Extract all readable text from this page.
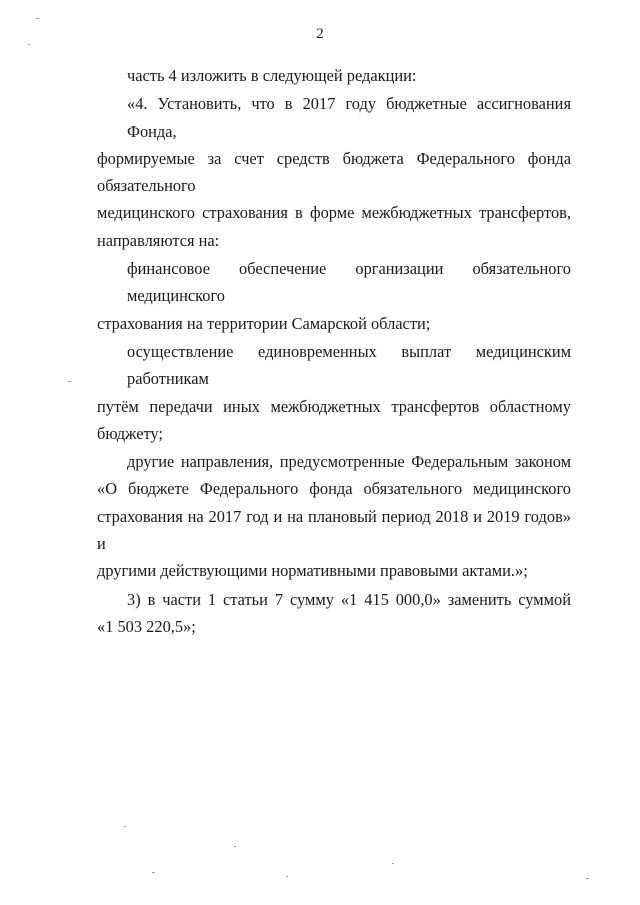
2

часть 4 изложить в следующей редакции:

«4. Установить, что в 2017 году бюджетные ассигнования Фонда,
формируемые за счет средств бюджета Федерального фонда обязательного
медицинского страхования в форме межбюджетных трансфертов,
направляются на:

финансовое обеспечение организации обязательного медицинского
страхования на территории Самарской области;

осуществление единовременных выплат медицинским работникам
путём передачи иных межбюджетных трансфертов областному бюджету;

другие направления, предусмотренные Федеральным законом
«О бюджете Федерального фонда обязательного медицинского
страхования на 2017 год и на плановый период 2018 и 2019 годов» и
другими действующими нормативными правовыми актами.»;

3) в части 1 статьи 7 сумму «1 415 000,0» заменить суммой
«1 503 220,5»;
